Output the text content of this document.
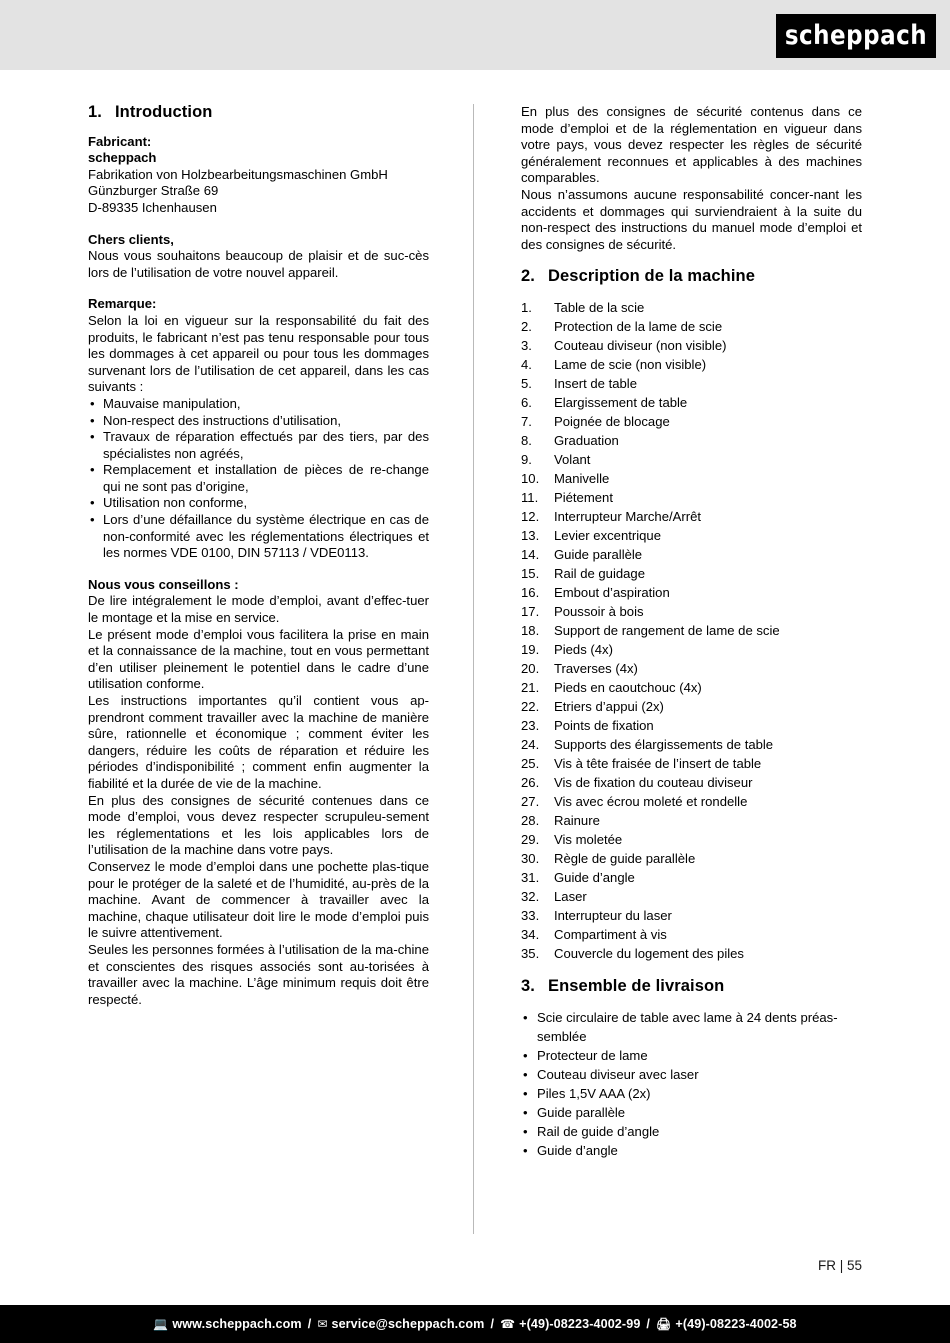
scheppach
1. Introduction

Fabricant:

scheppach

Fabrikation von Holzbearbeitungsmaschinen GmbH

Günzburger Straße 69

D-89335 Ichenhausen

Chers clients,

Nous vous souhaitons beaucoup de plaisir et de suc-cès lors de l’utilisation de votre nouvel appareil.

Remarque:

Selon la loi en vigueur sur la responsabilité du fait des produits, le fabricant n’est pas tenu responsable pour tous les dommages à cet appareil ou pour tous les dommages survenant lors de l’utilisation de cet appareil, dans les cas suivants :

• Mauvaise manipulation,
• Non-respect des instructions d’utilisation,
• Travaux de réparation effectués par des tiers, par des spécialistes non agréés,
• Remplacement et installation de pièces de re-change qui ne sont pas d’origine,
• Utilisation non conforme,
• Lors d’une défaillance du système électrique en cas de non-conformité avec les réglementations électriques et les normes VDE 0100, DIN 57113 / VDE0113.

Nous vous conseillons :

De lire intégralement le mode d’emploi, avant d’effec-tuer le montage et la mise en service.

Le présent mode d’emploi vous facilitera la prise en main et la connaissance de la machine, tout en vous permettant d’en utiliser pleinement le potentiel dans le cadre d’une utilisation conforme.

Les instructions importantes qu’il contient vous ap-prendront comment travailler avec la machine de manière sûre, rationnelle et économique ; comment éviter les dangers, réduire les coûts de réparation et réduire les périodes d’indisponibilité ; comment enfin augmenter la fiabilité et la durée de vie de la machine.

En plus des consignes de sécurité contenues dans ce mode d’emploi, vous devez respecter scrupuleu-sement les réglementations et les lois applicables lors de l’utilisation de la machine dans votre pays.

Conservez le mode d’emploi dans une pochette plas-tique pour le protéger de la saleté et de l’humidité, au-près de la machine. Avant de commencer à travailler avec la machine, chaque utilisateur doit lire le mode d’emploi puis le suivre attentivement.

Seules les personnes formées à l’utilisation de la ma-chine et conscientes des risques associés sont au-torisées à travailler avec la machine. L’âge minimum requis doit être respecté.

En plus des consignes de sécurité contenus dans ce mode d’emploi et de la réglementation en vigueur dans votre pays, vous devez respecter les règles de sécurité généralement reconnues et applicables à des machines comparables.

Nous n’assumons aucune responsabilité concer-nant les accidents et dommages qui surviendraient à la suite du non-respect des instructions du manuel mode d’emploi et des consignes de sécurité.

2. Description de la machine
1.	Table de la scie
2.	Protection de la lame de scie
3.	Couteau diviseur (non visible)
4.	Lame de scie (non visible)
5.	Insert de table
6.	Elargissement de table
7.	Poignée de blocage
8.	Graduation
9.	Volant
10.	Manivelle
11.	Piétement
12.	Interrupteur Marche/Arrêt
13.	Levier excentrique
14.	Guide parallèle
15.	Rail de guidage
16.	Embout d’aspiration
17.	Poussoir à bois
18.	Support de rangement de lame de scie
19.	Pieds (4x)
20.	Traverses (4x)
21.	Pieds en caoutchouc (4x)
22.	Etriers d’appui (2x)
23.	Points de fixation
24.	Supports des élargissements de table
25.	Vis à tête fraisée de l’insert de table
26.	Vis de fixation du couteau diviseur
27.	Vis avec écrou moleté et rondelle
28.	Rainure
29.	Vis moletée
30.	Règle de guide parallèle
31.	Guide d’angle
32.	Laser
33.	Interrupteur du laser
34.	Compartiment à vis
35.	Couvercle du logement des piles
3. Ensemble de livraison
• Scie circulaire de table avec lame à 24 dents préas-semblée
• Protecteur de lame
• Couteau diviseur avec laser
• Piles 1,5V AAA (2x)
• Guide parallèle
• Rail de guide d’angle
• Guide d’angle
FR | 55
💻 www.scheppach.com / ✉ service@scheppach.com / ☎ +(49)-08223-4002-99 / 🖨 +(49)-08223-4002-58
